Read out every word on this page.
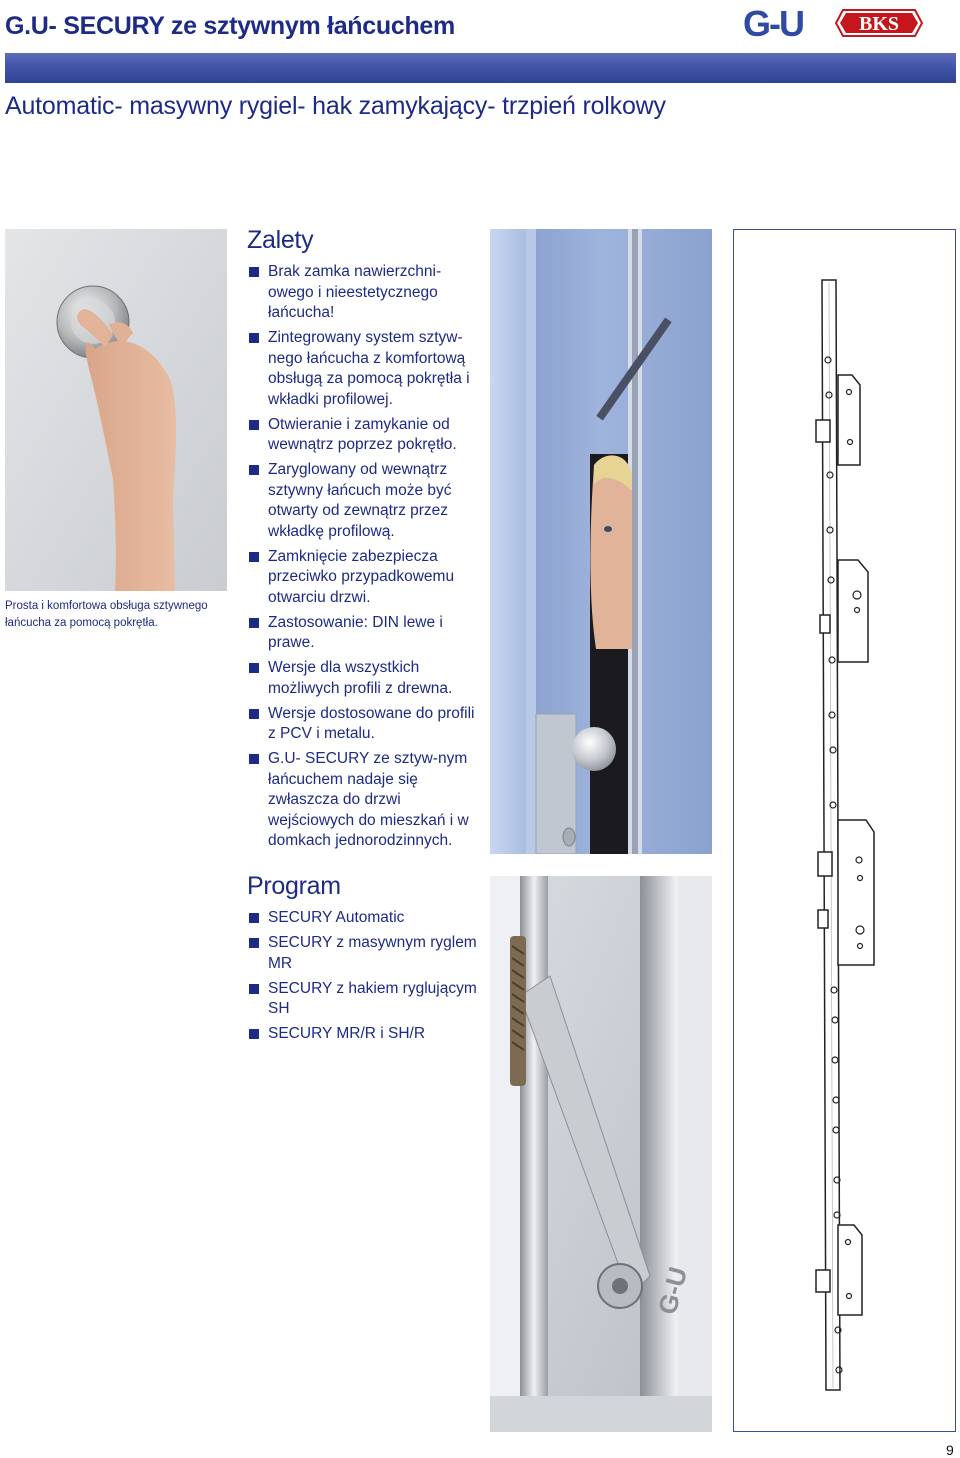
G.U- SECURY ze sztywnym łańcuchem	G-U	BKS
Automatic- masywny rygiel- hak zamykający- trzpień rolkowy
Prosta i komfortowa obsługa sztywnego łańcucha za pomocą pokrętła.
Zalety
Brak zamka nawierzchni-owego i nieestetycznego łańcucha!
Zintegrowany system sztyw-nego łańcucha z komfortową obsługą za pomocą pokrętła i wkładki profilowej.
Otwieranie i zamykanie od wewnątrz poprzez pokrętło.
Zaryglowany od wewnątrz sztywny łańcuch może być otwarty od zewnątrz przez wkładkę profilową.
Zamknięcie zabezpiecza przeciwko przypadkowemu otwarciu drzwi.
Zastosowanie: DIN lewe i prawe.
Wersje dla wszystkich możliwych profili z drewna.
Wersje dostosowane do profili z PCV i metalu.
G.U- SECURY ze sztyw-nym łańcuchem nadaje się zwłaszcza do drzwi wejściowych do mieszkań i w domkach jednorodzinnych.
Program
SECURY Automatic
SECURY z masywnym ryglem MR
SECURY z hakiem ryglującym SH
SECURY MR/R i SH/R
G-U
9
